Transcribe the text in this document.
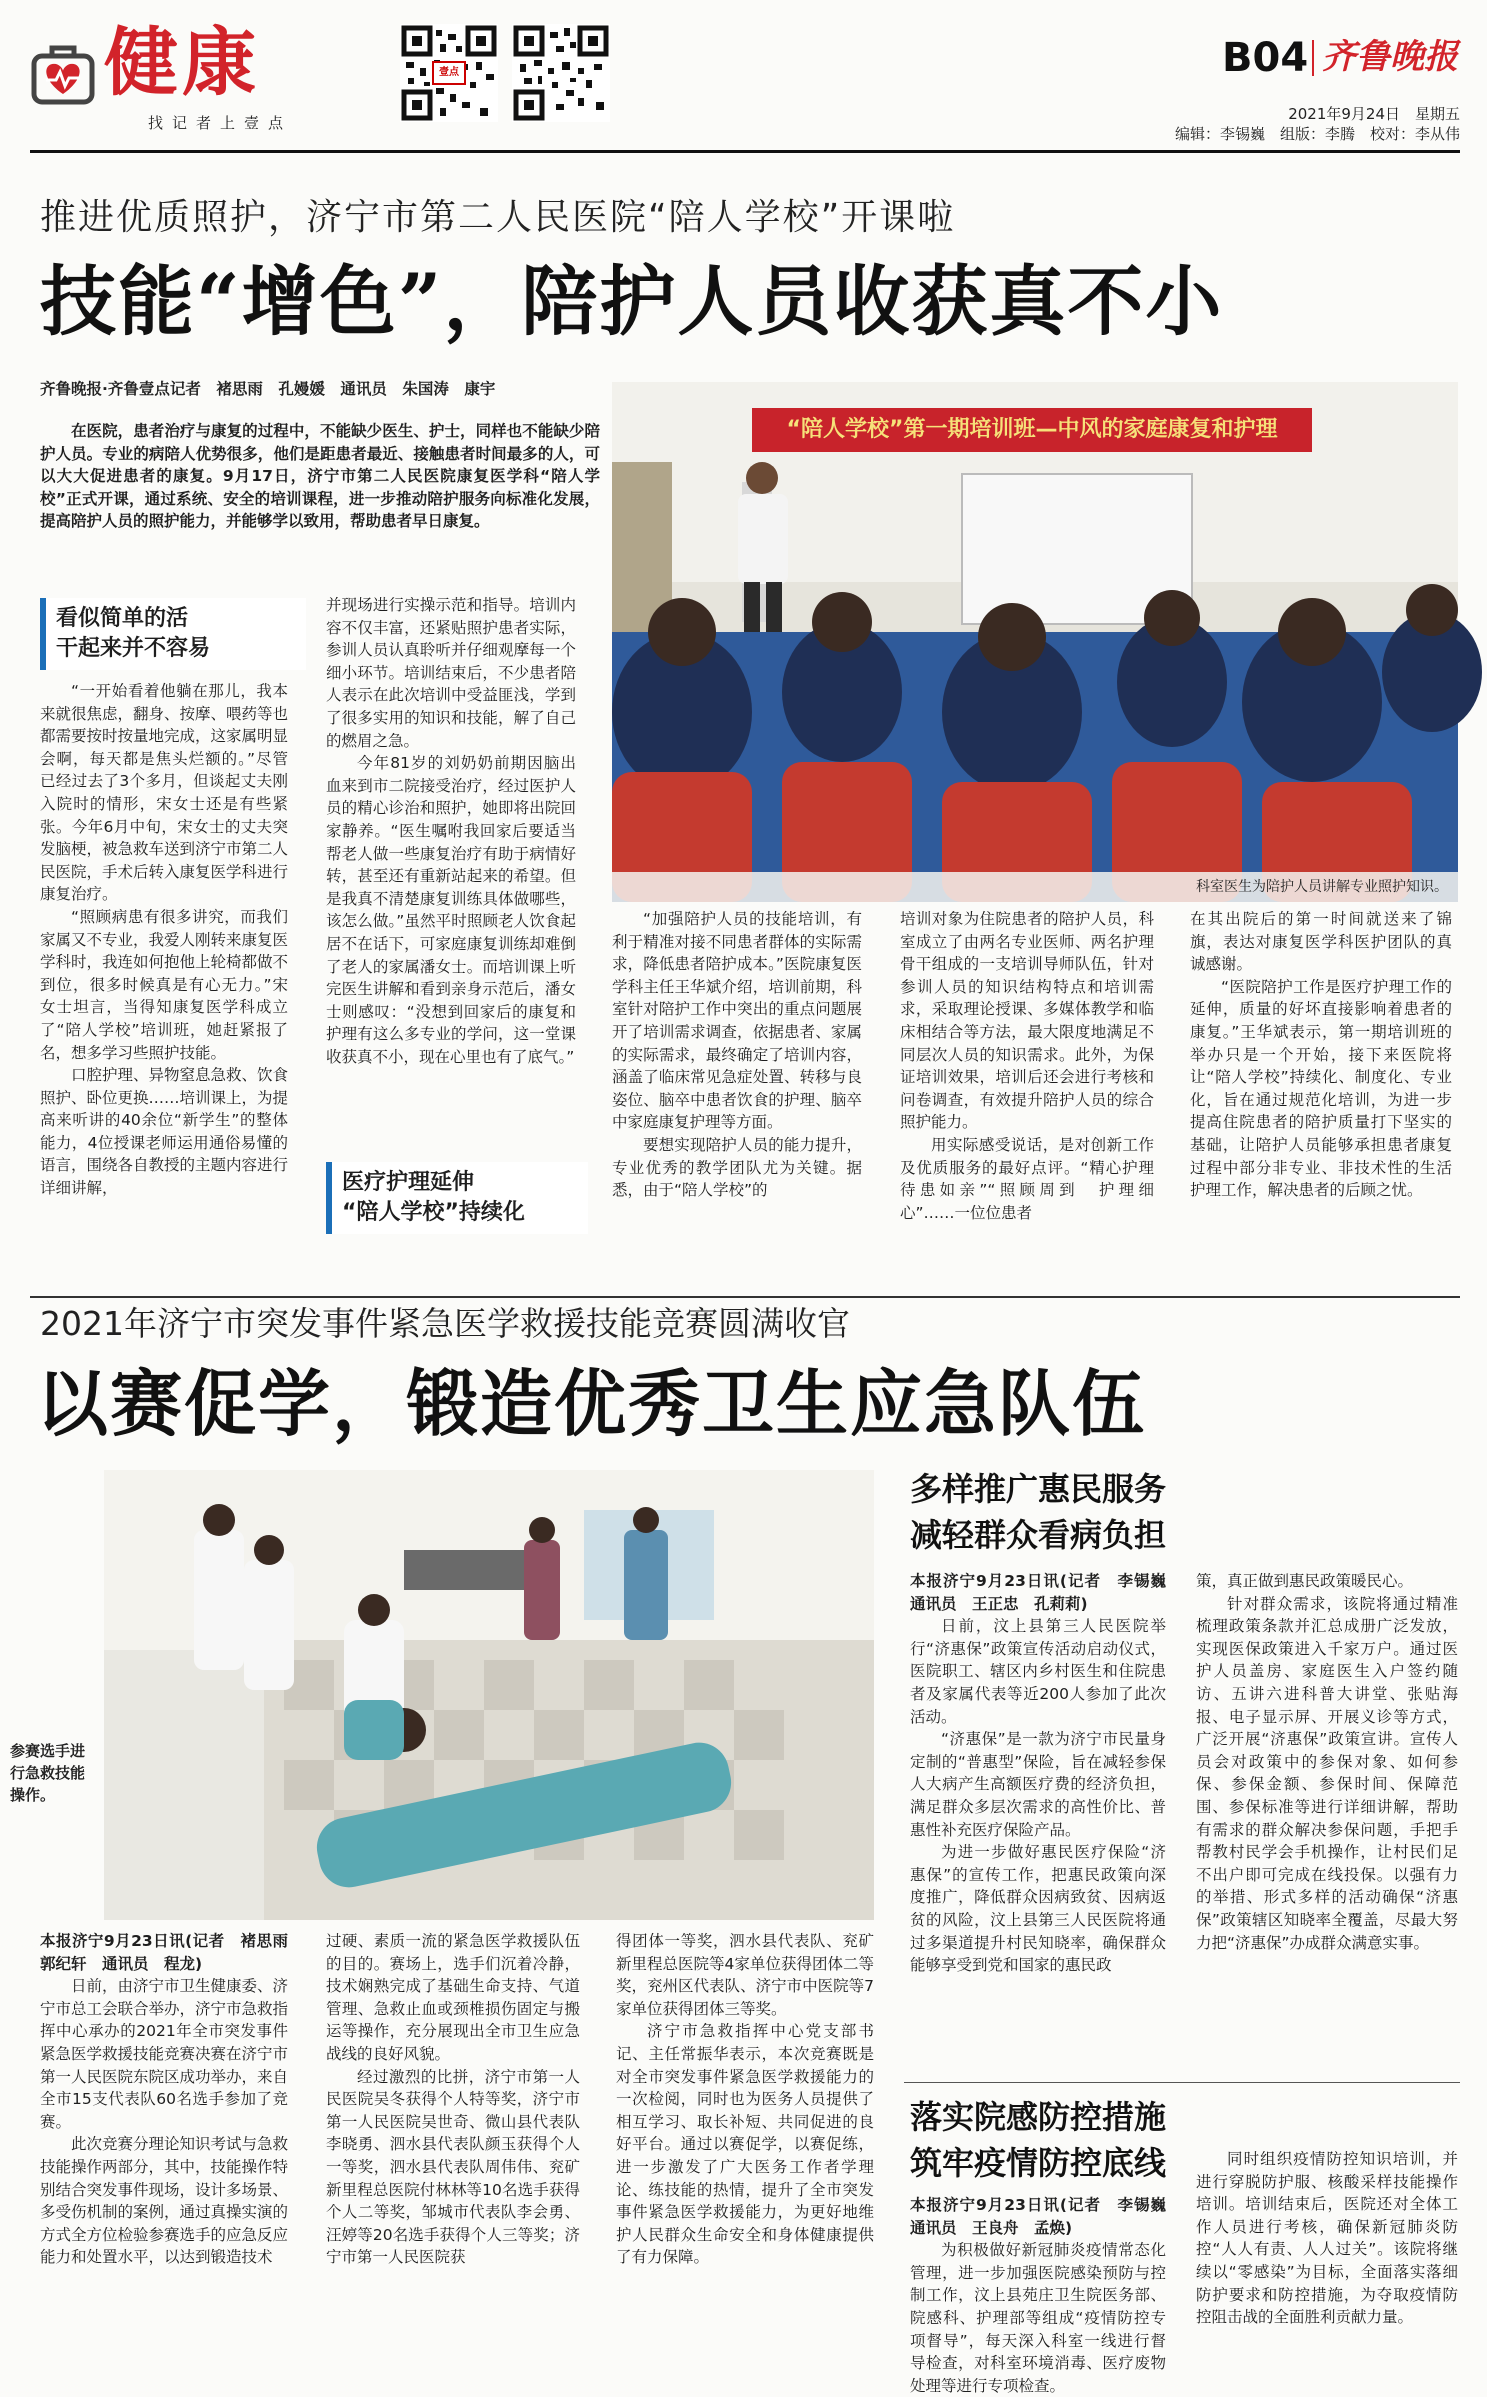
健康
找记者上壹点
壹点	B04 齐鲁晚报
2021年9月24日　星期五
编辑：李锡巍　组版：李腾　校对：李从伟
推进优质照护，济宁市第二人民医院“陪人学校”开课啦
技能“增色”，陪护人员收获真不小
齐鲁晚报·齐鲁壹点记者　褚思雨　孔嫚媛　通讯员　朱国涛　康宇

在医院，患者治疗与康复的过程中，不能缺少医生、护士，同样也不能缺少陪护人员。专业的病陪人优势很多，他们是距患者最近、接触患者时间最多的人，可以大大促进患者的康复。9月17日，济宁市第二人民医院康复医学科“陪人学校”正式开课，通过系统、安全的培训课程，进一步推动陪护服务向标准化发展，提高陪护人员的照护能力，并能够学以致用，帮助患者早日康复。

看似简单的活
干起来并不容易

“一开始看着他躺在那儿，我本来就很焦虑，翻身、按摩、喂药等也都需要按时按量地完成，这家属明显会啊，每天都是焦头烂额的。”尽管已经过去了3个多月，但谈起丈夫刚入院时的情形，宋女士还是有些紧张。今年6月中旬，宋女士的丈夫突发脑梗，被急救车送到济宁市第二人民医院，手术后转入康复医学科进行康复治疗。

“照顾病患有很多讲究，而我们家属又不专业，我爱人刚转来康复医学科时，我连如何抱他上轮椅都做不到位，很多时候真是有心无力。”宋女士坦言，当得知康复医学科成立了“陪人学校”培训班，她赶紧报了名，想多学习些照护技能。

口腔护理、异物窒息急救、饮食照护、卧位更换……培训课上，为提高来听讲的40余位“新学生”的整体能力，4位授课老师运用通俗易懂的语言，围绕各自教授的主题内容进行详细讲解，

并现场进行实操示范和指导。培训内容不仅丰富，还紧贴照护患者实际，参训人员认真聆听并仔细观摩每一个细小环节。培训结束后，不少患者陪人表示在此次培训中受益匪浅，学到了很多实用的知识和技能，解了自己的燃眉之急。

今年81岁的刘奶奶前期因脑出血来到市二院接受治疗，经过医护人员的精心诊治和照护，她即将出院回家静养。“医生嘱咐我回家后要适当帮老人做一些康复治疗有助于病情好转，甚至还有重新站起来的希望。但是我真不清楚康复训练具体做哪些，该怎么做。”虽然平时照顾老人饮食起居不在话下，可家庭康复训练却难倒了老人的家属潘女士。而培训课上听完医生讲解和看到亲身示范后，潘女士则感叹：“没想到回家后的康复和护理有这么多专业的学问，这一堂课收获真不小，现在心里也有了底气。”

医疗护理延伸
“陪人学校”持续化
“陪人学校”第一期培训班—中风的家庭康复和护理
科室医生为陪护人员讲解专业照护知识。

“加强陪护人员的技能培训，有利于精准对接不同患者群体的实际需求，降低患者陪护成本。”医院康复医学科主任王华斌介绍，培训前期，科室针对陪护工作中突出的重点问题展开了培训需求调查，依据患者、家属的实际需求，最终确定了培训内容，涵盖了临床常见急症处置、转移与良姿位、脑卒中患者饮食的护理、脑卒中家庭康复护理等方面。

要想实现陪护人员的能力提升，专业优秀的教学团队尤为关键。据悉，由于“陪人学校”的

培训对象为住院患者的陪护人员，科室成立了由两名专业医师、两名护理骨干组成的一支培训导师队伍，针对参训人员的知识结构特点和培训需求，采取理论授课、多媒体教学和临床相结合等方法，最大限度地满足不同层次人员的知识需求。此外，为保证培训效果，培训后还会进行考核和问卷调查，有效提升陪护人员的综合照护能力。

用实际感受说话，是对创新工作及优质服务的最好点评。“精心护理　待患如亲”“照顾周到　护理细心”……一位位患者

在其出院后的第一时间就送来了锦旗，表达对康复医学科医护团队的真诚感谢。

“医院陪护工作是医疗护理工作的延伸，质量的好坏直接影响着患者的康复。”王华斌表示，第一期培训班的举办只是一个开始，接下来医院将让“陪人学校”持续化、制度化、专业化，旨在通过规范化培训，为进一步提高住院患者的陪护质量打下坚实的基础，让陪护人员能够承担患者康复过程中部分非专业、非技术性的生活护理工作，解决患者的后顾之忧。

2021年济宁市突发事件紧急医学救援技能竞赛圆满收官
以赛促学，锻造优秀卫生应急队伍
参赛选手进行急救技能操作。

本报济宁9月23日讯(记者　褚思雨　郭纪轩　通讯员　程龙)

日前，由济宁市卫生健康委、济宁市总工会联合举办，济宁市急救指挥中心承办的2021年全市突发事件紧急医学救援技能竞赛决赛在济宁市第一人民医院东院区成功举办，来自全市15支代表队60名选手参加了竞赛。

此次竞赛分理论知识考试与急救技能操作两部分，其中，技能操作特别结合突发事件现场，设计多场景、多受伤机制的案例，通过真操实演的方式全方位检验参赛选手的应急反应能力和处置水平，以达到锻造技术

过硬、素质一流的紧急医学救援队伍的目的。赛场上，选手们沉着冷静，技术娴熟完成了基础生命支持、气道管理、急救止血或颈椎损伤固定与搬运等操作，充分展现出全市卫生应急战线的良好风貌。

经过激烈的比拼，济宁市第一人民医院吴冬获得个人特等奖，济宁市第一人民医院吴世奇、微山县代表队李晓勇、泗水县代表队颜玉获得个人一等奖，泗水县代表队周伟伟、兖矿新里程总医院付林林等10名选手获得个人二等奖，邹城市代表队李会勇、汪婷等20名选手获得个人三等奖；济宁市第一人民医院获

得团体一等奖，泗水县代表队、兖矿新里程总医院等4家单位获得团体二等奖，兖州区代表队、济宁市中医院等7家单位获得团体三等奖。

济宁市急救指挥中心党支部书记、主任常振华表示，本次竞赛既是对全市突发事件紧急医学救援能力的一次检阅，同时也为医务人员提供了相互学习、取长补短、共同促进的良好平台。通过以赛促学，以赛促练，进一步激发了广大医务工作者学理论、练技能的热情，提升了全市突发事件紧急医学救援能力，为更好地维护人民群众生命安全和身体健康提供了有力保障。

多样推广惠民服务
减轻群众看病负担

本报济宁9月23日讯(记者　李锡巍　通讯员　王正忠　孔莉莉)

日前，汶上县第三人民医院举行“济惠保”政策宣传活动启动仪式，医院职工、辖区内乡村医生和住院患者及家属代表等近200人参加了此次活动。

“济惠保”是一款为济宁市民量身定制的“普惠型”保险，旨在减轻参保人大病产生高额医疗费的经济负担，满足群众多层次需求的高性价比、普惠性补充医疗保险产品。

为进一步做好惠民医疗保险“济惠保”的宣传工作，把惠民政策向深度推广，降低群众因病致贫、因病返贫的风险，汶上县第三人民医院将通过多渠道提升村民知晓率，确保群众能够享受到党和国家的惠民政

策，真正做到惠民政策暖民心。

针对群众需求，该院将通过精准梳理政策条款并汇总成册广泛发放，实现医保政策进入千家万户。通过医护人员盖房、家庭医生入户签约随访、五讲六进科普大讲堂、张贴海报、电子显示屏、开展义诊等方式，广泛开展“济惠保”政策宣讲。宣传人员会对政策中的参保对象、如何参保、参保金额、参保时间、保障范围、参保标准等进行详细讲解，帮助有需求的群众解决参保问题，手把手帮教村民学会手机操作，让村民们足不出户即可完成在线投保。以强有力的举措、形式多样的活动确保“济惠保”政策辖区知晓率全覆盖，尽最大努力把“济惠保”办成群众满意实事。

落实院感防控措施
筑牢疫情防控底线

本报济宁9月23日讯(记者　李锡巍　通讯员　王良舟　孟焕)

为积极做好新冠肺炎疫情常态化管理，进一步加强医院感染预防与控制工作，汶上县苑庄卫生院医务部、院感科、护理部等组成“疫情防控专项督导”，每天深入科室一线进行督导检查，对科室环境消毒、医疗废物处理等进行专项检查。

同时组织疫情防控知识培训，并进行穿脱防护服、核酸采样技能操作培训。培训结束后，医院还对全体工作人员进行考核，确保新冠肺炎防控“人人有责、人人过关”。该院将继续以“零感染”为目标，全面落实落细防护要求和防控措施，为夺取疫情防控阻击战的全面胜利贡献力量。
